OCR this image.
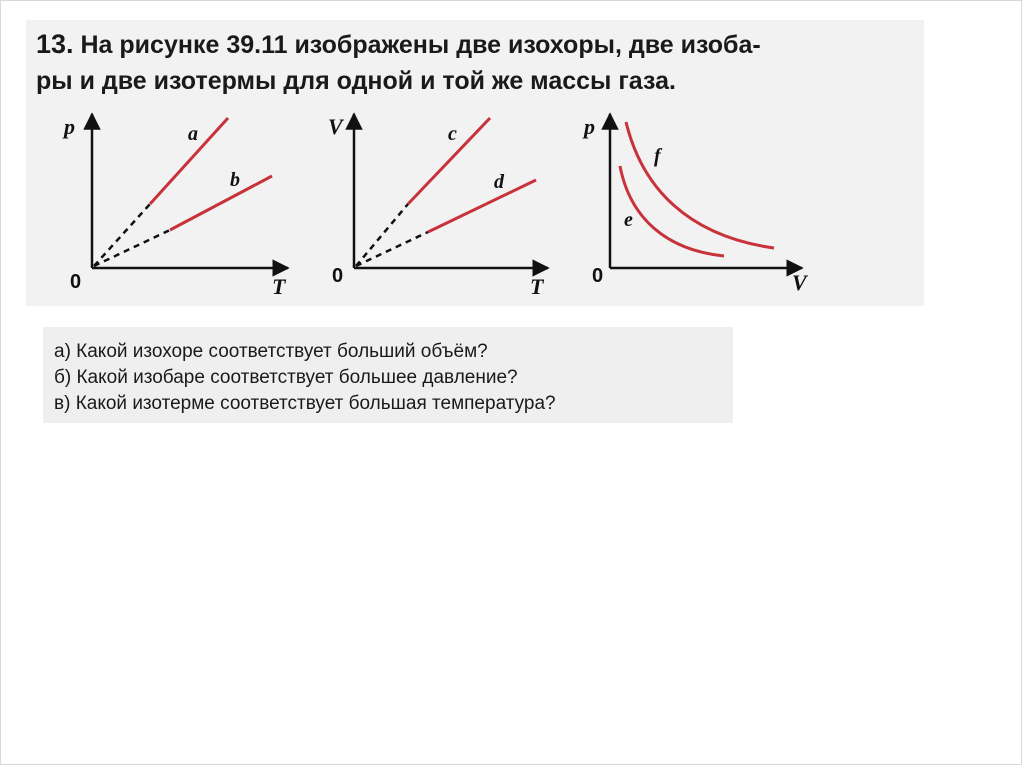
13. На рисунке 39.11 изображены две изохоры, две изоба-
ры и две изотермы для одной и той же массы газа.
p
T
0
a
b
V
T
0
c
d
p
V
0
f
e
а) Какой изохоре соответствует больший объём?
б) Какой изобаре соответствует большее давление?
в) Какой изотерме соответствует большая температура?
